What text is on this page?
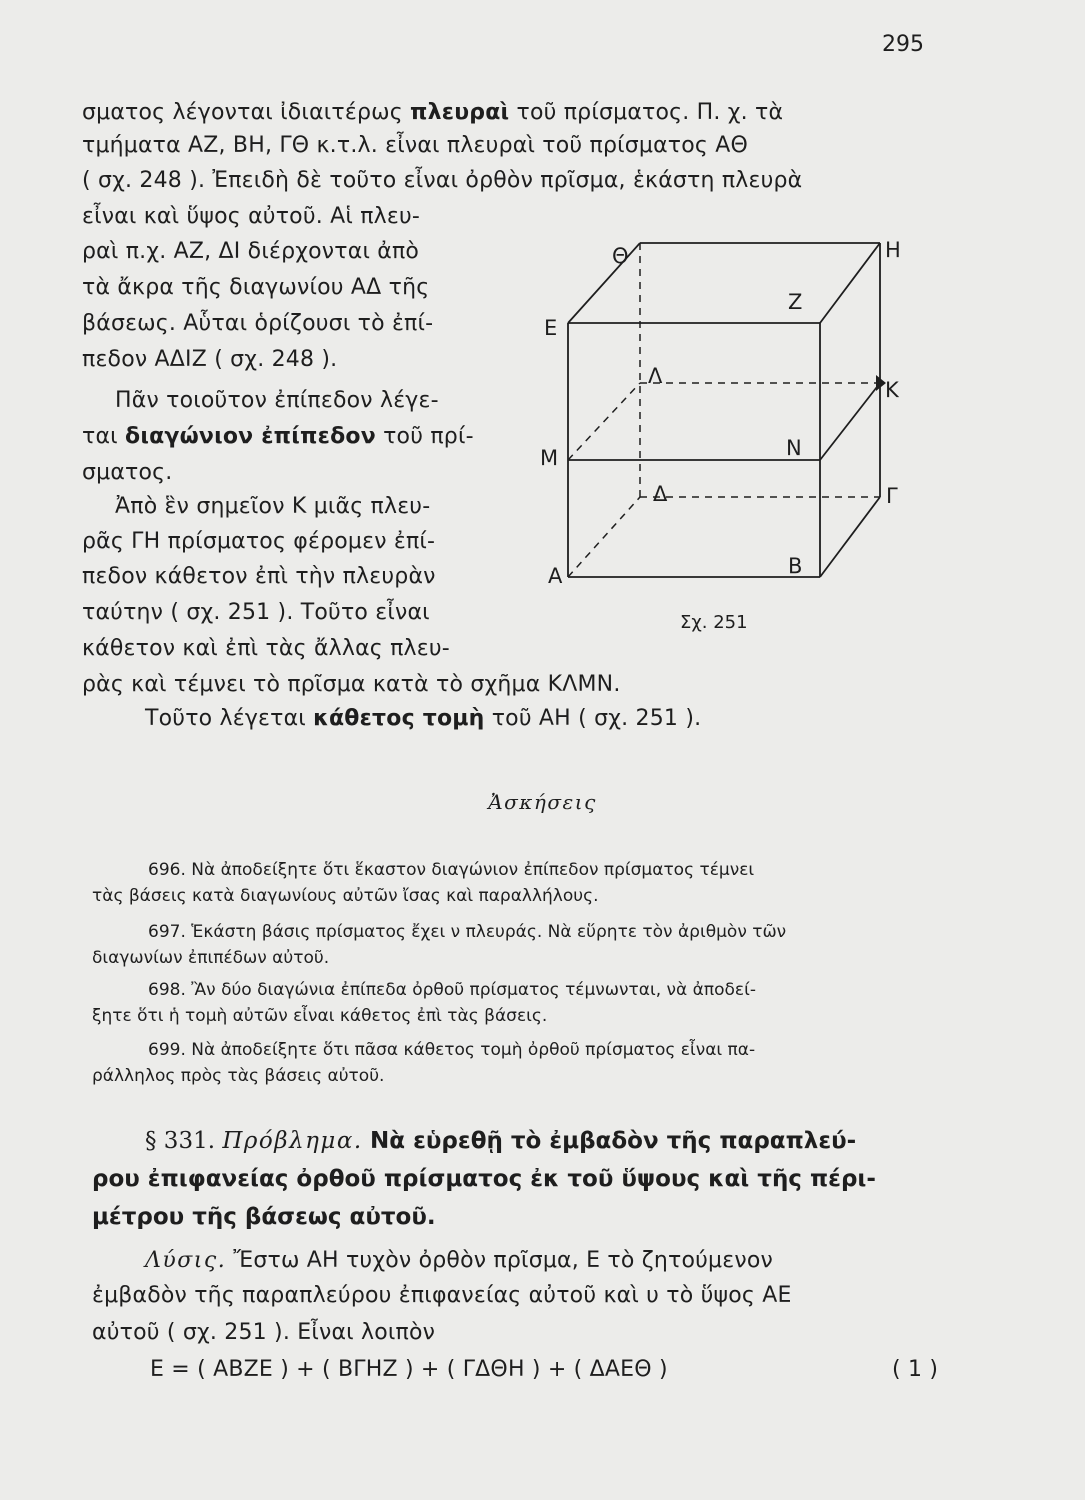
295
σματος λέγονται ἰδιαιτέρως πλευραὶ τοῦ πρίσματος. Π. χ. τὰ
τμήματα ΑΖ, ΒΗ, ΓΘ κ.τ.λ. εἶναι πλευραὶ τοῦ πρίσματος ΑΘ
( σχ. 248 ). Ἐπειδὴ δὲ τοῦτο εἶναι ὀρθὸν πρῖσμα, ἑκάστη πλευρὰ
εἶναι καὶ ὕψος αὐτοῦ. Αἱ πλευ-
ραὶ π.χ. ΑΖ, ΔΙ διέρχονται ἀπὸ
τὰ ἄκρα τῆς διαγωνίου ΑΔ τῆς
βάσεως. Αὗται ὁρίζουσι τὸ ἐπί-
πεδον ΑΔΙΖ ( σχ. 248 ).
Πᾶν τοιοῦτον ἐπίπεδον λέγε-
ται διαγώνιον ἐπίπεδον τοῦ πρί-
σματος.
Ἀπὸ ἓν σημεῖον Κ μιᾶς πλευ-
ρᾶς ΓΗ πρίσματος φέρομεν ἐπί-
πεδον κάθετον ἐπὶ τὴν πλευρὰν
ταύτην ( σχ. 251 ). Τοῦτο εἶναι
κάθετον καὶ ἐπὶ τὰς ἄλλας πλευ-
ρὰς καὶ τέμνει τὸ πρῖσμα κατὰ τὸ σχῆμα ΚΛΜΝ.
Τοῦτο λέγεται κάθετος τομὴ τοῦ ΑΗ ( σχ. 251 ).
Θ	Η
Ζ
Ε
Λ
Κ
Μ	Ν
Δ	Γ
Α	Β
Σχ. 251
Ἀσκήσεις
696. Νὰ ἀποδείξητε ὅτι ἕκαστον διαγώνιον ἐπίπεδον πρίσματος τέμνει
τὰς βάσεις κατὰ διαγωνίους αὐτῶν ἴσας καὶ παραλλήλους.
697. Ἑκάστη βάσις πρίσματος ἔχει ν πλευράς. Νὰ εὕρητε τὸν ἀριθμὸν τῶν
διαγωνίων ἐπιπέδων αὐτοῦ.
698. Ἂν δύο διαγώνια ἐπίπεδα ὀρθοῦ πρίσματος τέμνωνται, νὰ ἀποδεί-
ξητε ὅτι ἡ τομὴ αὐτῶν εἶναι κάθετος ἐπὶ τὰς βάσεις.
699. Νὰ ἀποδείξητε ὅτι πᾶσα κάθετος τομὴ ὀρθοῦ πρίσματος εἶναι πα-
ράλληλος πρὸς τὰς βάσεις αὐτοῦ.
§ 331. Πρόβλημα. Νὰ εὑρεθῇ τὸ ἐμβαδὸν τῆς παραπλεύ-
ρου ἐπιφανείας ὀρθοῦ πρίσματος ἐκ τοῦ ὕψους καὶ τῆς πέρι-
μέτρου τῆς βάσεως αὐτοῦ.
Λύσις. Ἔστω ΑΗ τυχὸν ὀρθὸν πρῖσμα, Ε τὸ ζητούμενον
ἐμβαδὸν τῆς παραπλεύρου ἐπιφανείας αὐτοῦ καὶ υ τὸ ὕψος ΑΕ
αὐτοῦ ( σχ. 251 ). Εἶναι λοιπὸν
Ε = ( ΑΒΖΕ ) + ( ΒΓΗΖ ) + ( ΓΔΘΗ ) + ( ΔΑΕΘ )	( 1 )
